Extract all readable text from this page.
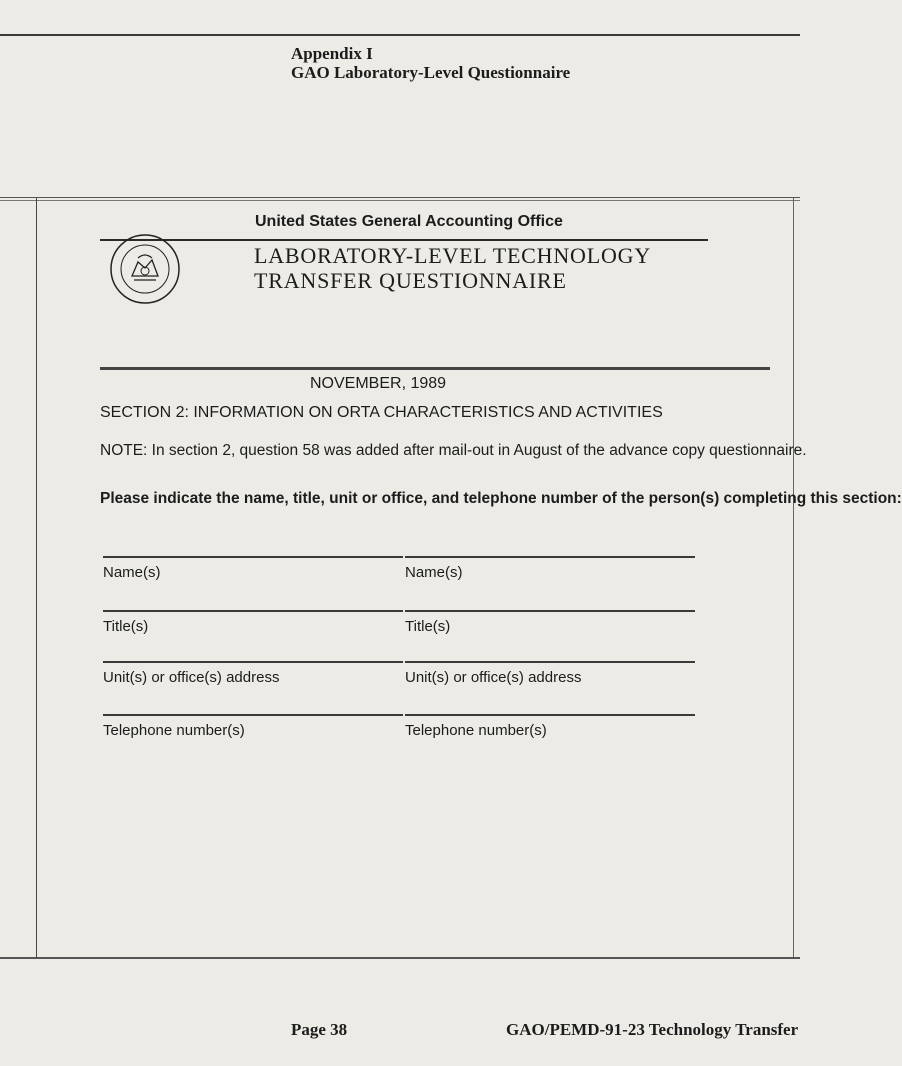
Appendix I
GAO Laboratory-Level Questionnaire
United States General Accounting Office
LABORATORY-LEVEL TECHNOLOGY
TRANSFER QUESTIONNAIRE
NOVEMBER, 1989
SECTION 2: INFORMATION ON ORTA CHARACTERISTICS AND ACTIVITIES
NOTE: In section 2, question 58 was added after mail-out in August of the advance copy questionnaire.
Please indicate the name, title, unit or office, and telephone number of the person(s) completing this section:
Name(s)	Name(s)
Title(s)	Title(s)
Unit(s) or office(s) address	Unit(s) or office(s) address
Telephone number(s)	Telephone number(s)
Page 38	GAO/PEMD-91-23 Technology Transfer
